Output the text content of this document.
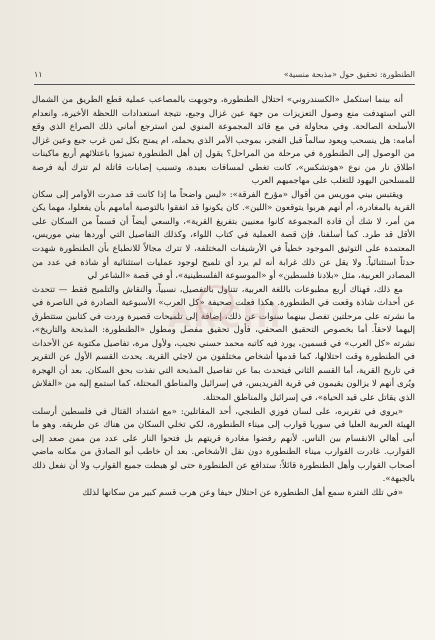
الطنطورة: تحقيق حول «مذبحة منسية»
١١

أنه بينما استكمل «الكسندروني» احتلال الطنطورة، وجوبهت بالمصاعب عملية قطع الطريق من الشمال التي استهدفت منع وصول التعزيزات من جهة عين غزال وجبع، نتيجة استعدادات اللحظة الأخيرة، وانعدام الأسلحة الصالحة. وفي محاولة في مع قائد المجموعة المنوي لمن استرجع أماني ذلك الصراع الذي وقع أمامه: هل ينسحب ويعود سالماً قبل الفجر، بموجب الأمر الذي يحمله، ام يمنح بكل ثمن غرب جبع وعين غزال من الوصول إلى الطنطورة في مرحلة من المراحل؟ يقول إن أهل الطنطورة تميزوا باعتلائهم أربع ماكينات اطلاق نار من نوع «هوتشكس»، كانت تغطي لمسافات بعيدة، وتسبب إصابات قاتلة لم تترك أية فرصة للمسلحين اليهود للتغلب على مهاجميهم العرب

ويقتبس بيني موريس من أقوال «مؤرخ الفرقة»: «ليس واضحاً ما إذا كانت قد صدرت الأوامر إلى سكان القرية بالمغادرة، أم أنهم هربوا يتوقعون «اللين». كان يكونوا قد اتفقوا بالتوصية أمامهم بأن يفعلوا، مهما يكن من أمر، لا شك أن قادة المجموعة كانوا معنيين بتفريغ القرية»، والسعي أيضاً أن قسماً من السكان على الأقل قد طرد. كما أسلفنا، فإن قصة العملية في كتاب اللواء، وكذلك التفاصيل التي أوردها بيني موريس، المعتمدة على التوثيق الموجود خطياً في الأرشيفات المختلفة، لا تترك مجالاً للانطباع بأن الطنطورة شهدت حدثاً استثنائياً. ولا يقل عن ذلك غرابة أنه لم يرد أي تلميح لوجود عمليات استثنائية أو شاذة في عدد من المصادر العربية، مثل «بلادنا فلسطين» أو «الموسوعة الفلسطينية»، أو في قصة «الشاعر لي

مع ذلك، فهناك أربع مطبوعات باللغة العربية، تتناول بالتفصيل، نسبياً، والنقاش والتلميح فقط — تتحدث عن أحداث شاذة وقعت في الطنطورة. هكذا فعلت صحيفة «كل العرب» الأسبوعية الصادرة في الناصرة في ما نشرته على مرحلتين تفصل بينهما سنوات عن ذلك، إضافة إلى تلميحات قصيرة وردت في كتابين ستتطرق إليهما لاحقاً. أما بخصوص التحقيق الصحفي، فأول تحقيق مفصل ومطول «الطنطورة: المذبحة والتاريخ»، نشرته «كل العرب» في قسمين، يورد فيه كاتبه محمد حسني نجيب، ولأول مرة، تفاصيل مكتوبة عن الأحداث في الطنطورة وقت احتلالها، كما قدمها أشخاص مختلفون من لاجئي القرية. يحدث القسم الأول عن التقرير في تاريخ القرية، أما القسم الثاني فيتحدث بما عن تفاصيل المذبحة التي نفذت بحق السكان. بعد أن الهجرة ويُرى أنهم لا يزالون يقيمون في قرية الفريديس، في إسرائيل والمناطق المحتلة، كما استمع إليه من «الفلاش الذي يقاتل على قيد الحياة»، في إسرائيل والمناطق المحتلة.

«يروي في تقريره، على لسان فوزي الطنجي، أحد المقاتلين: «مع اشتداد القتال في فلسطين أرسلت الهيئة العربية العليا في سوريا قوارب إلى ميناء الطنطورة، لكي تخلي السكان من هناك عن طريقه. وهو ما أبى أهالي الانقسام بين الناس. لأنهم رفضوا مغادرة قريتهم بل فتحوا النار على عدد من ممن صعد إلى القوارب. غادرت القوارب ميناء الطنطورة دون نقل الأشخاص. بعد أن خاطب أبو الصادق من مكانه ماضي أصحاب القوارب وأهل الطنطورة قائلاً: ستدافع عن الطنطورة حتى لو هبطت جميع القوارب ولا أن نفعل ذلك بالجبهة».

«في تلك الفترة سمع أهل الطنطورة عن احتلال حيفا وعن هرب قسم كبير من سكانها لذلك

ARCHI
